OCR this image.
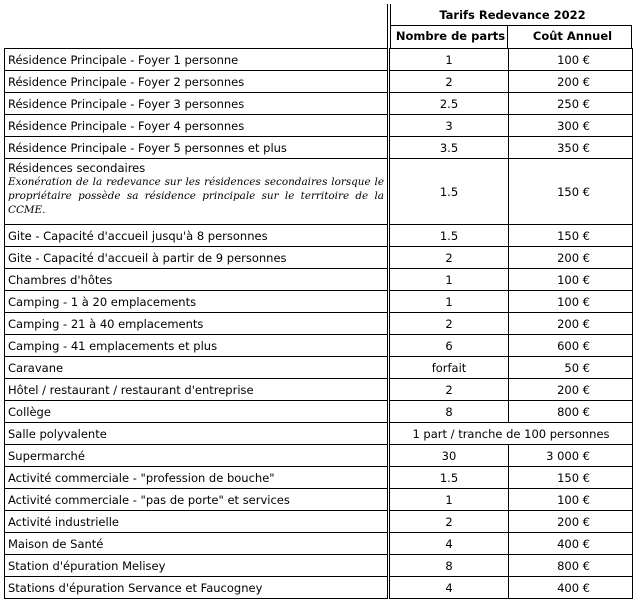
Tarifs Redevance 2022
Nombre de parts	Coût Annuel
Résidence Principale - Foyer 1 personne	1	100 €
Résidence Principale - Foyer 2 personnes	2	200 €
Résidence Principale - Foyer 3 personnes	2.5	250 €
Résidence Principale - Foyer 4 personnes	3	300 €
Résidence Principale - Foyer 5 personnes et plus	3.5	350 €
Résidences secondaires
Exonération de la redevance sur les résidences secondaires lorsque le propriétaire possède sa résidence principale sur le territoire de la CCME.	1.5	150 €
Gite - Capacité d'accueil jusqu'à 8 personnes	1.5	150 €
Gite - Capacité d'accueil à partir de 9 personnes	2	200 €
Chambres d'hôtes	1	100 €
Camping - 1 à 20 emplacements	1	100 €
Camping - 21 à 40 emplacements	2	200 €
Camping - 41 emplacements et plus	6	600 €
Caravane	forfait	50 €
Hôtel / restaurant / restaurant d'entreprise	2	200 €
Collège	8	800 €
Salle polyvalente	1 part / tranche de 100 personnes	
Supermarché	30	3 000 €
Activité commerciale - "profession de bouche"	1.5	150 €
Activité commerciale - "pas de porte" et services	1	100 €
Activité industrielle	2	200 €
Maison de Santé	4	400 €
Station d'épuration Melisey	8	800 €
Stations d'épuration Servance et Faucogney	4	400 €
